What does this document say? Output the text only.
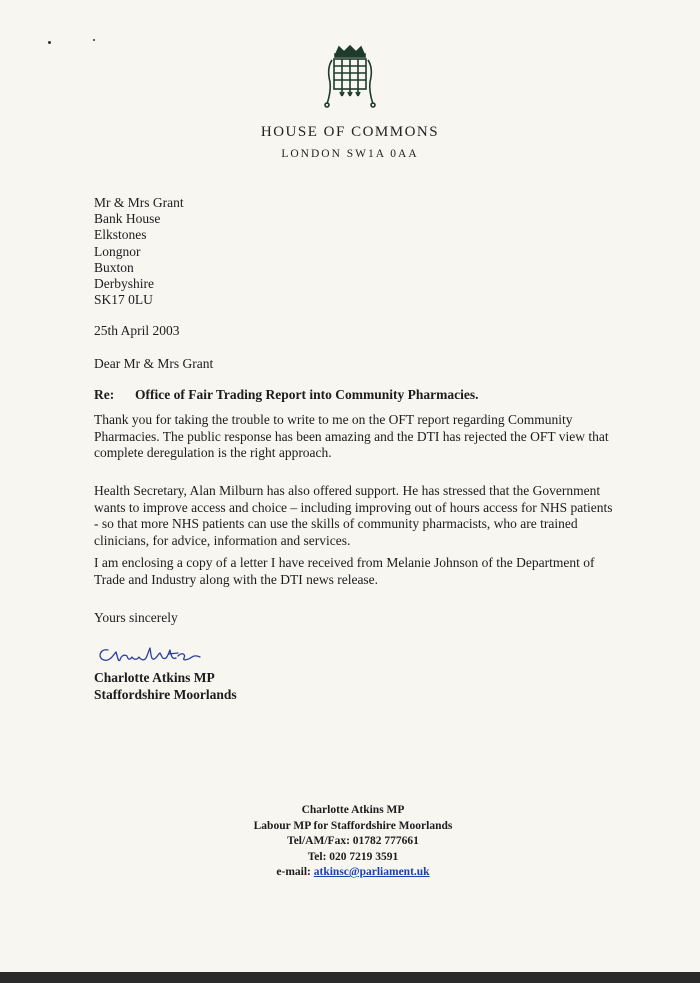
HOUSE OF COMMONS
LONDON SW1A 0AA
Mr & Mrs Grant
Bank House
Elkstones
Longnor
Buxton
Derbyshire
SK17 0LU
25th April 2003
Dear Mr & Mrs Grant
Re: Office of Fair Trading Report into Community Pharmacies.
Thank you for taking the trouble to write to me on the OFT report regarding Community Pharmacies. The public response has been amazing and the DTI has rejected the OFT view that complete deregulation is the right approach.
Health Secretary, Alan Milburn has also offered support. He has stressed that the Government wants to improve access and choice – including improving out of hours access for NHS patients - so that more NHS patients can use the skills of community pharmacists, who are trained clinicians, for advice, information and services.
I am enclosing a copy of a letter I have received from Melanie Johnson of the Department of Trade and Industry along with the DTI news release.
Yours sincerely
Charlotte Atkins MP
Staffordshire Moorlands
Charlotte Atkins MP
Labour MP for Staffordshire Moorlands
Tel/AM/Fax: 01782 777661
Tel: 020 7219 3591
e-mail: atkinsc@parliament.uk
